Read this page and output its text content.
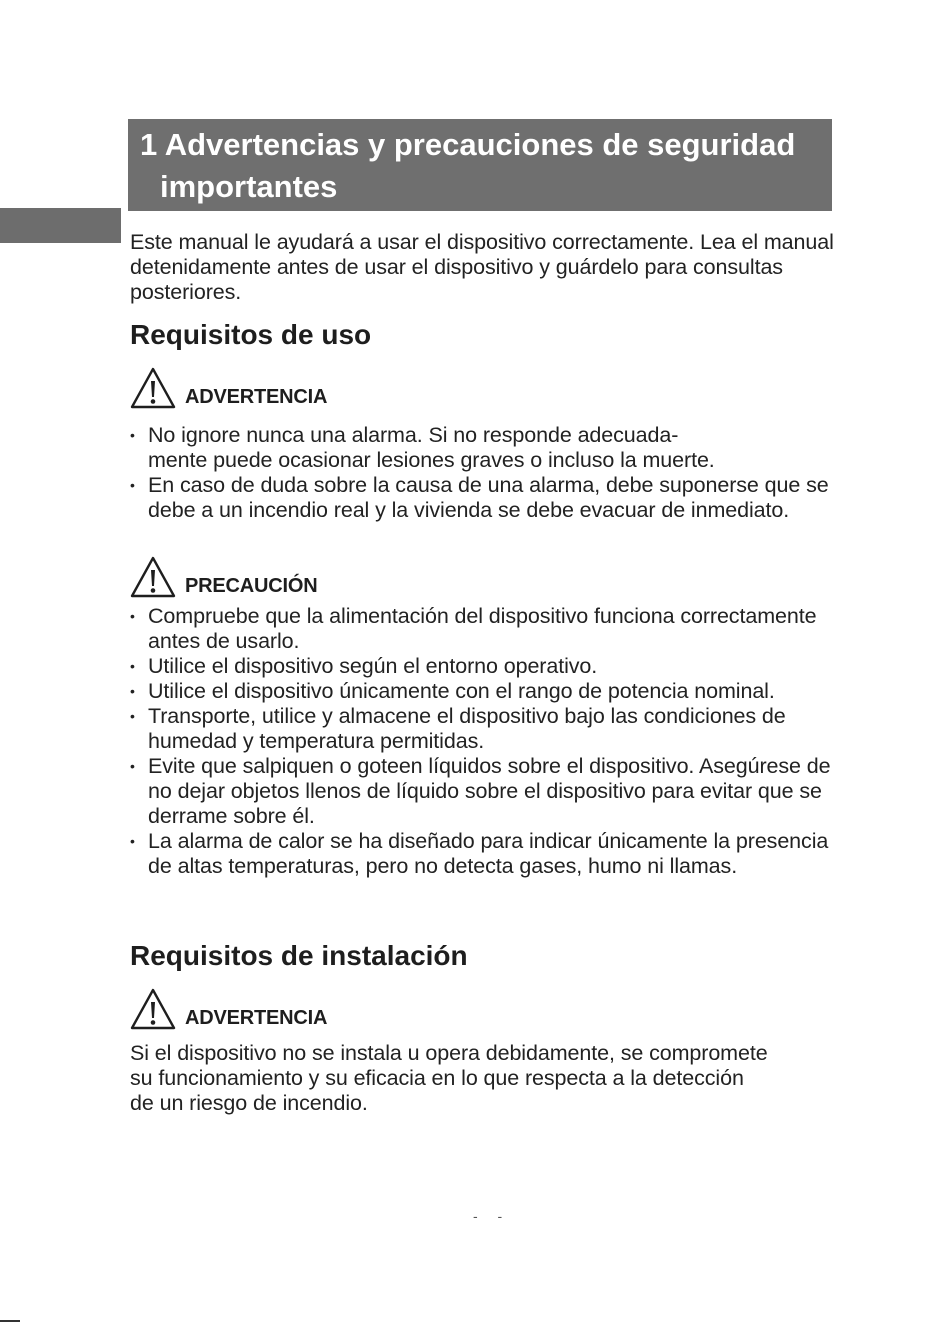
1 Advertencias y precauciones de seguridad
importantes

Este manual le ayudará a usar el dispositivo correctamente. Lea el manual detenidamente antes de usar el dispositivo y guárdelo para consultas posteriores.

Requisitos de uso
ADVERTENCIA
• No ignore nunca una alarma. Si no responde adecuada-
mente puede ocasionar lesiones graves o incluso la muerte.
• En caso de duda sobre la causa de una alarma, debe suponerse que se debe a un incendio real y la vivienda se debe evacuar de inmediato.
PRECAUCIÓN
• Compruebe que la alimentación del dispositivo funciona correctamente antes de usarlo.
• Utilice el dispositivo según el entorno operativo.
• Utilice el dispositivo únicamente con el rango de potencia nominal.
• Transporte, utilice y almacene el dispositivo bajo las condiciones de humedad y temperatura permitidas.
• Evite que salpiquen o goteen líquidos sobre el dispositivo. Asegúrese de no dejar objetos llenos de líquido sobre el dispositivo para evitar que se derrame sobre él.
• La alarma de calor se ha diseñado para indicar únicamente la presencia de altas temperaturas, pero no detecta gases, humo ni llamas.
Requisitos de instalación
ADVERTENCIA

Si el dispositivo no se instala u opera debidamente, se compromete su funcionamiento y su eficacia en lo que respecta a la detección de un riesgo de incendio.

- -
